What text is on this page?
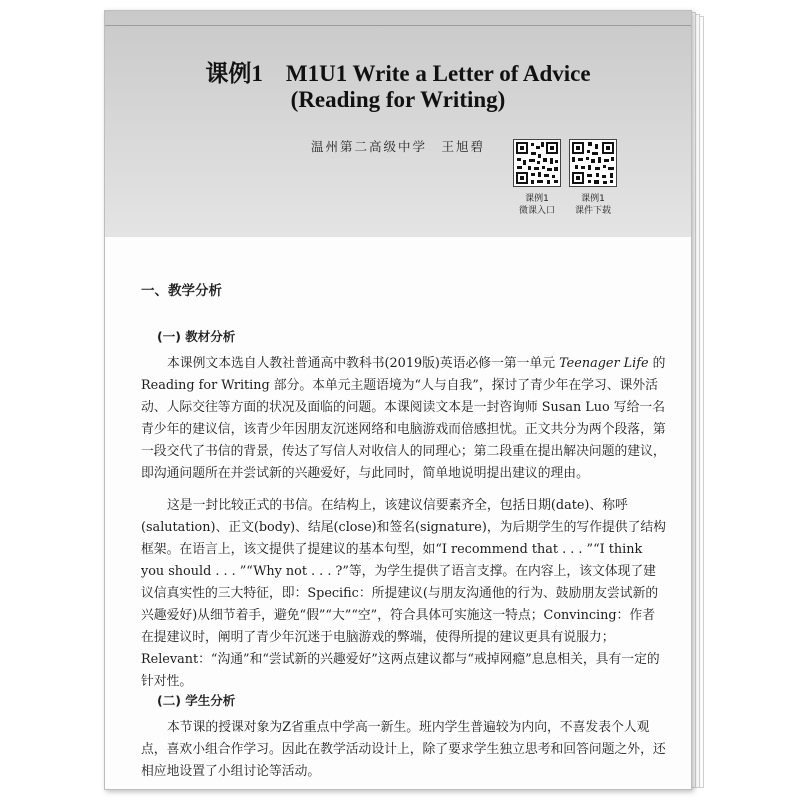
课例1　M1U1 Write a Letter of Advice
(Reading for Writing)
温州第二高级中学　王旭碧
课例1
微课入口
课例1
课件下载
一、教学分析
(一) 教材分析

本课例文本选自人教社普通高中教科书(2019版)英语必修一第一单元 Teenager Life 的 Reading for Writing 部分。本单元主题语境为“人与自我”，探讨了青少年在学习、课外活动、人际交往等方面的状况及面临的问题。本课阅读文本是一封咨询师 Susan Luo 写给一名青少年的建议信，该青少年因朋友沉迷网络和电脑游戏而倍感担忧。正文共分为两个段落，第一段交代了书信的背景，传达了写信人对收信人的同理心；第二段重在提出解决问题的建议，即沟通问题所在并尝试新的兴趣爱好，与此同时，简单地说明提出建议的理由。

这是一封比较正式的书信。在结构上，该建议信要素齐全，包括日期(date)、称呼(salutation)、正文(body)、结尾(close)和签名(signature)，为后期学生的写作提供了结构框架。在语言上，该文提供了提建议的基本句型，如“I recommend that . . . ”“I think you should . . . ”“Why not . . . ?”等，为学生提供了语言支撑。在内容上，该文体现了建议信真实性的三大特征，即：Specific：所提建议(与朋友沟通他的行为、鼓励朋友尝试新的兴趣爱好)从细节着手，避免“假”“大”“空”，符合具体可实施这一特点；Convincing：作者在提建议时，阐明了青少年沉迷于电脑游戏的弊端，使得所提的建议更具有说服力；Relevant：“沟通”和“尝试新的兴趣爱好”这两点建议都与“戒掉网瘾”息息相关，具有一定的针对性。

(二) 学生分析

本节课的授课对象为Z省重点中学高一新生。班内学生普遍较为内向，不喜发表个人观点，喜欢小组合作学习。因此在教学活动设计上，除了要求学生独立思考和回答问题之外，还相应地设置了小组讨论等活动。
